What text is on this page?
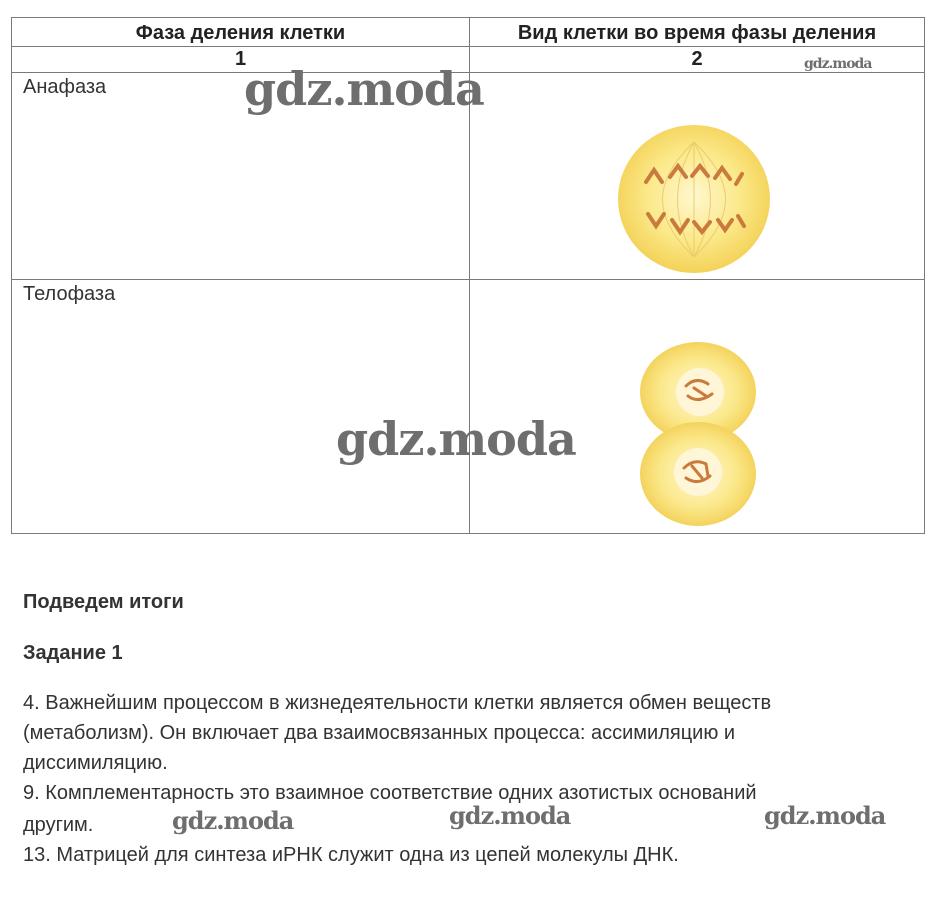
Фаза деления клетки	Вид клетки во время фазы деления
1	2
Анафаза
Телофаза
gdz.moda	gdz.moda
gdz.moda
gdz.moda	gdz.moda	gdz.moda
Подведем итоги
Задание 1
4. Важнейшим процессом в жизнедеятельности клетки является обмен веществ
(метаболизм). Он включает два взаимосвязанных процесса: ассимиляцию и
диссимиляцию.
9. Комплементарность это взаимное соответствие одних азотистых оснований
другим.
13. Матрицей для синтеза иРНК служит одна из цепей молекулы ДНК.
